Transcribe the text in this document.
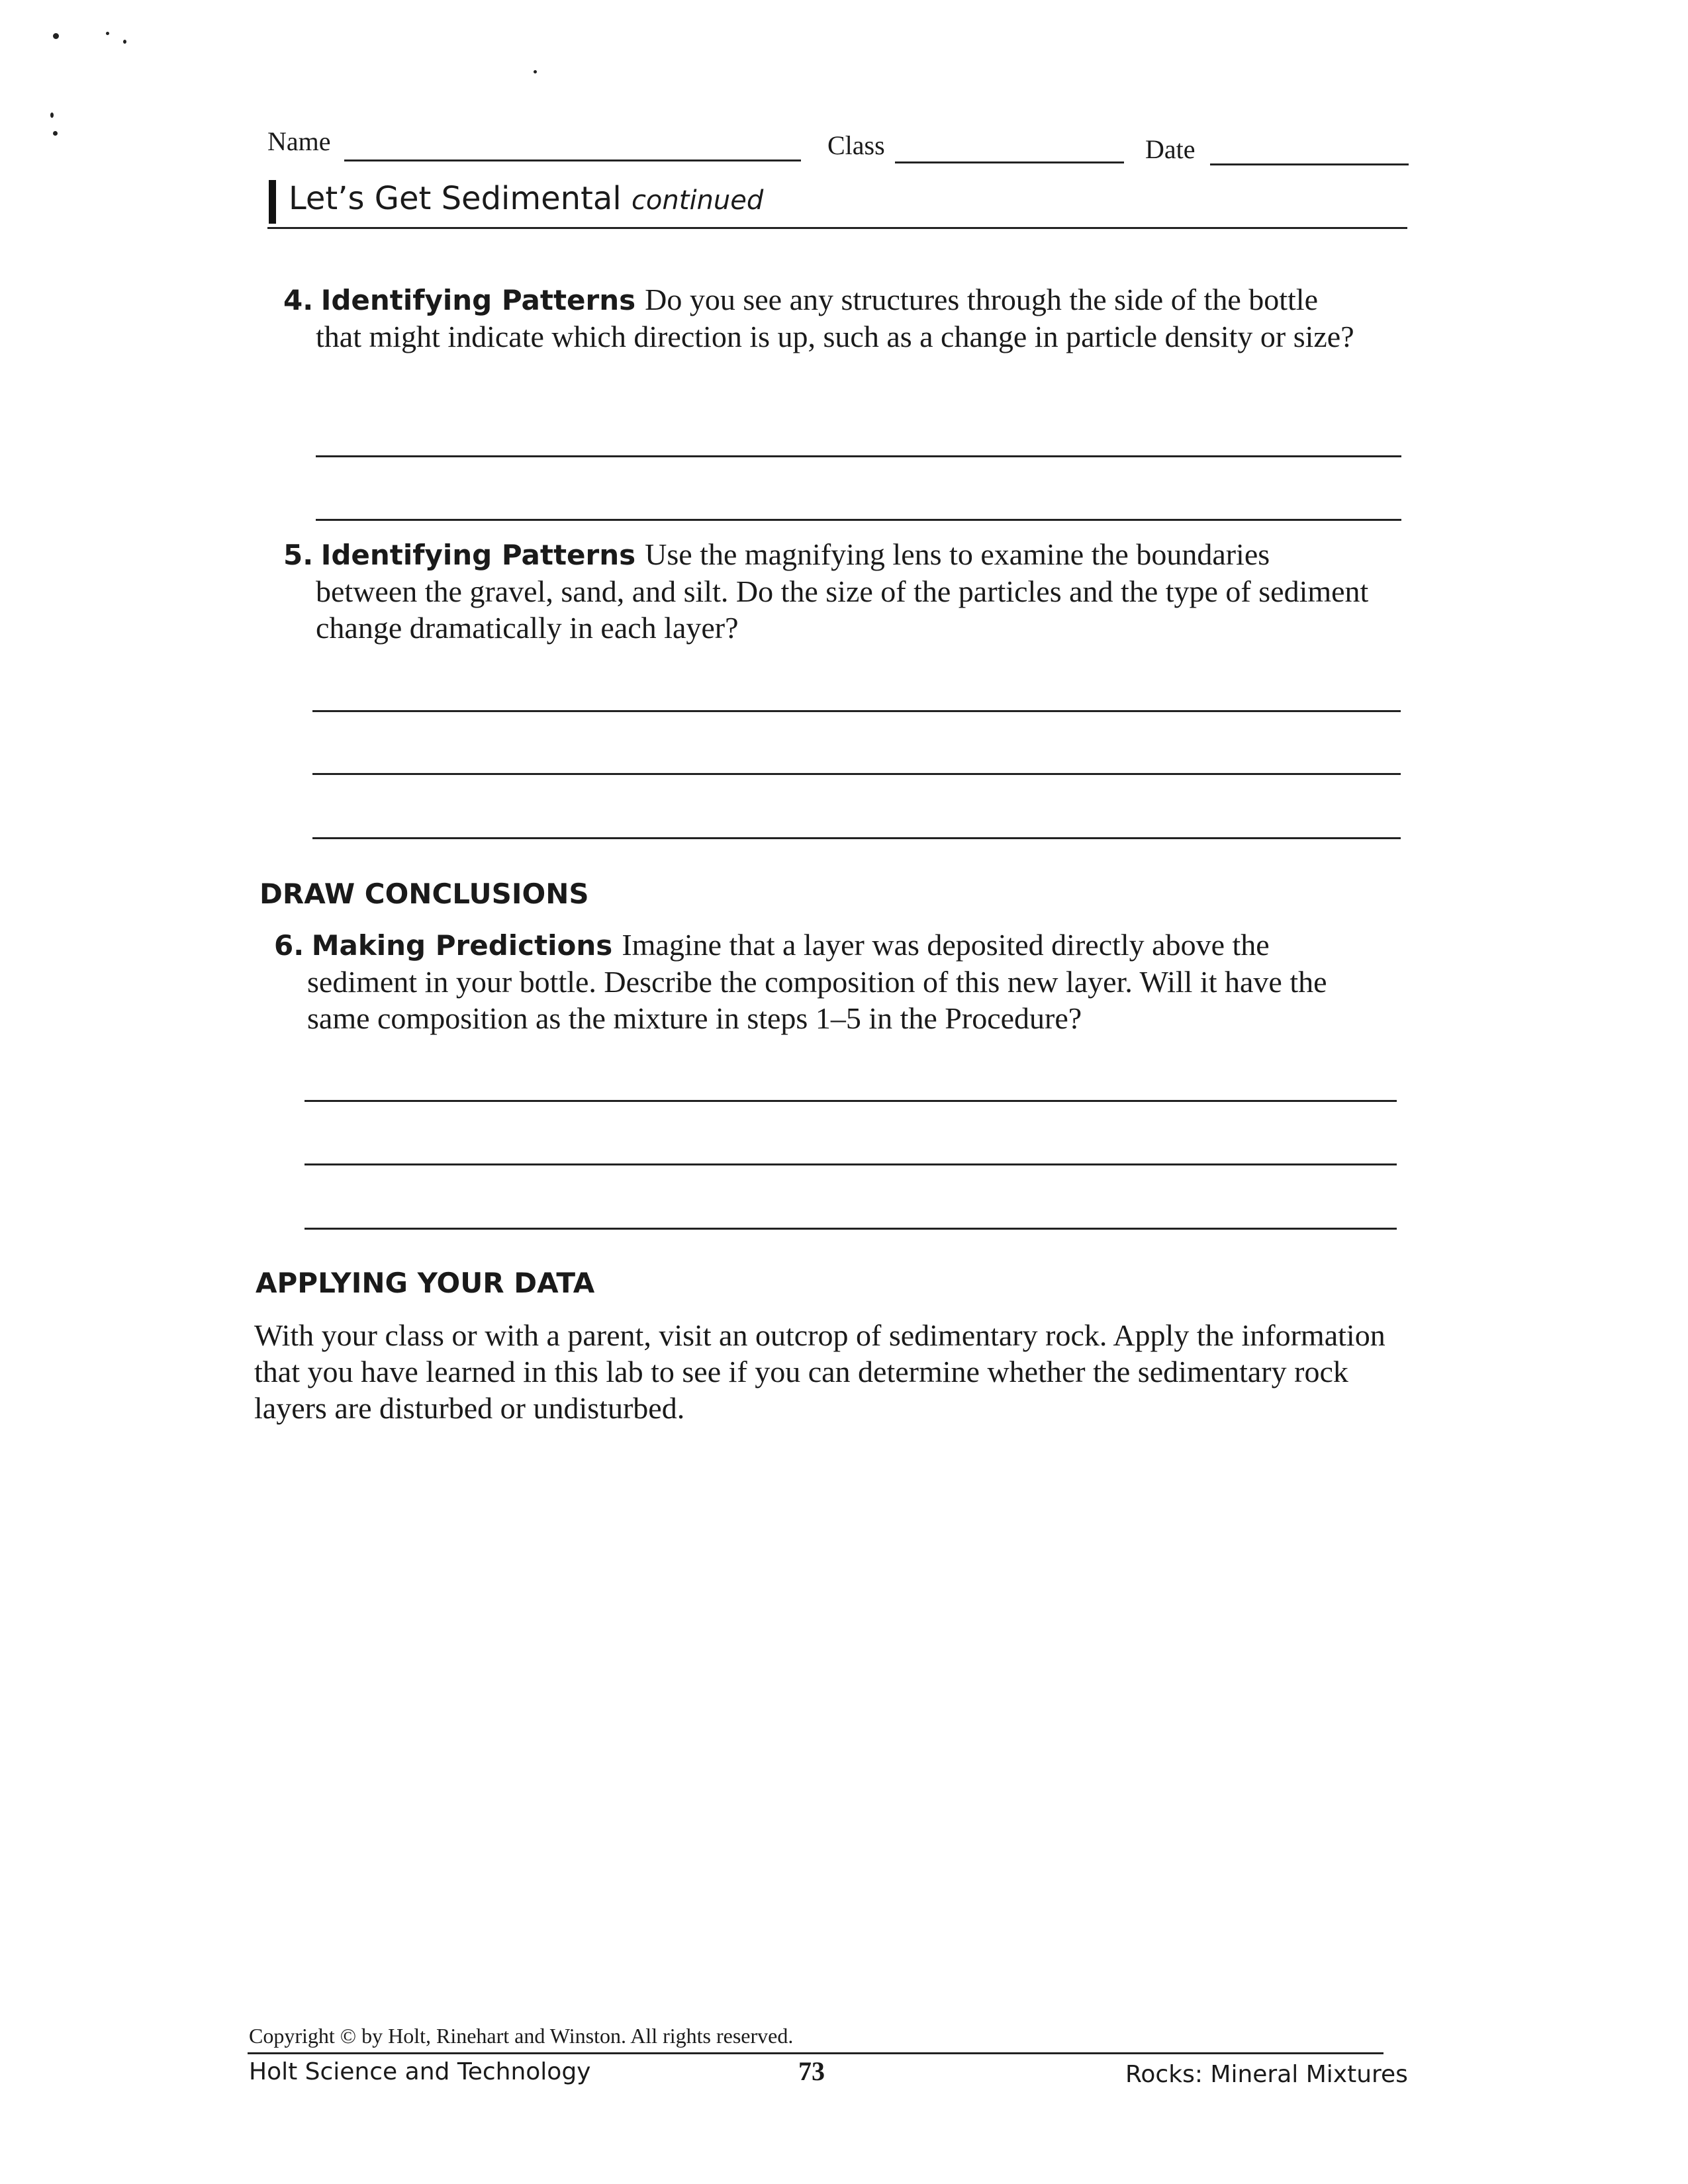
Name	Class	Date
Let’s Get Sedimental continued
4. Identifying Patterns Do you see any structures through the side of the bottle
that might indicate which direction is up, such as a change in particle density or size?
5. Identifying Patterns Use the magnifying lens to examine the boundaries
between the gravel, sand, and silt. Do the size of the particles and the type of sediment change dramatically in each layer?
DRAW CONCLUSIONS
6. Making Predictions Imagine that a layer was deposited directly above the
sediment in your bottle. Describe the composition of this new layer. Will it have the same composition as the mixture in steps 1–5 in the Procedure?
APPLYING YOUR DATA
With your class or with a parent, visit an outcrop of sedimentary rock. Apply the information that you have learned in this lab to see if you can determine whether the sedimentary rock layers are disturbed or undisturbed.
Copyright © by Holt, Rinehart and Winston. All rights reserved.
Holt Science and Technology	73	Rocks: Mineral Mixtures
